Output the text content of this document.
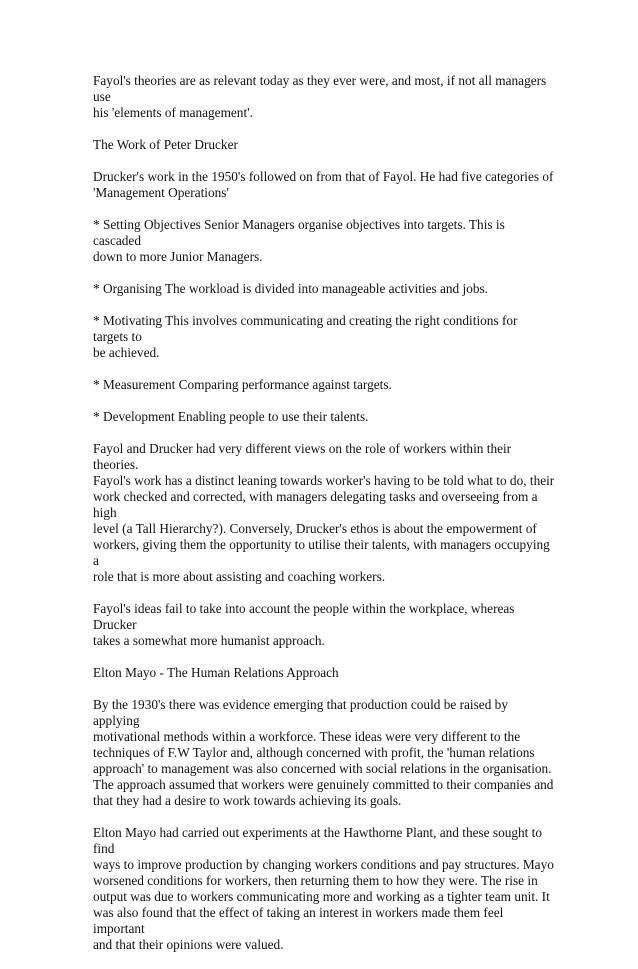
Fayol's theories are as relevant today as they ever were, and most, if not all managers use
his 'elements of management'.

The Work of Peter Drucker

Drucker's work in the 1950's followed on from that of Fayol. He had five categories of
'Management Operations'

* Setting Objectives Senior Managers organise objectives into targets. This is cascaded
down to more Junior Managers.

* Organising The workload is divided into manageable activities and jobs.

* Motivating This involves communicating and creating the right conditions for targets to
be achieved.

* Measurement Comparing performance against targets.

* Development Enabling people to use their talents.

Fayol and Drucker had very different views on the role of workers within their theories.
Fayol's work has a distinct leaning towards worker's having to be told what to do, their
work checked and corrected, with managers delegating tasks and overseeing from a high
level (a Tall Hierarchy?). Conversely, Drucker's ethos is about the empowerment of
workers, giving them the opportunity to utilise their talents, with managers occupying a
role that is more about assisting and coaching workers.

Fayol's ideas fail to take into account the people within the workplace, whereas Drucker
takes a somewhat more humanist approach.

Elton Mayo - The Human Relations Approach

By the 1930's there was evidence emerging that production could be raised by applying
motivational methods within a workforce. These ideas were very different to the
techniques of F.W Taylor and, although concerned with profit, the 'human relations
approach' to management was also concerned with social relations in the organisation.
The approach assumed that workers were genuinely committed to their companies and
that they had a desire to work towards achieving its goals.

Elton Mayo had carried out experiments at the Hawthorne Plant, and these sought to find
ways to improve production by changing workers conditions and pay structures. Mayo
worsened conditions for workers, then returning them to how they were. The rise in
output was due to workers communicating more and working as a tighter team unit. It
was also found that the effect of taking an interest in workers made them feel important
and that their opinions were valued.
